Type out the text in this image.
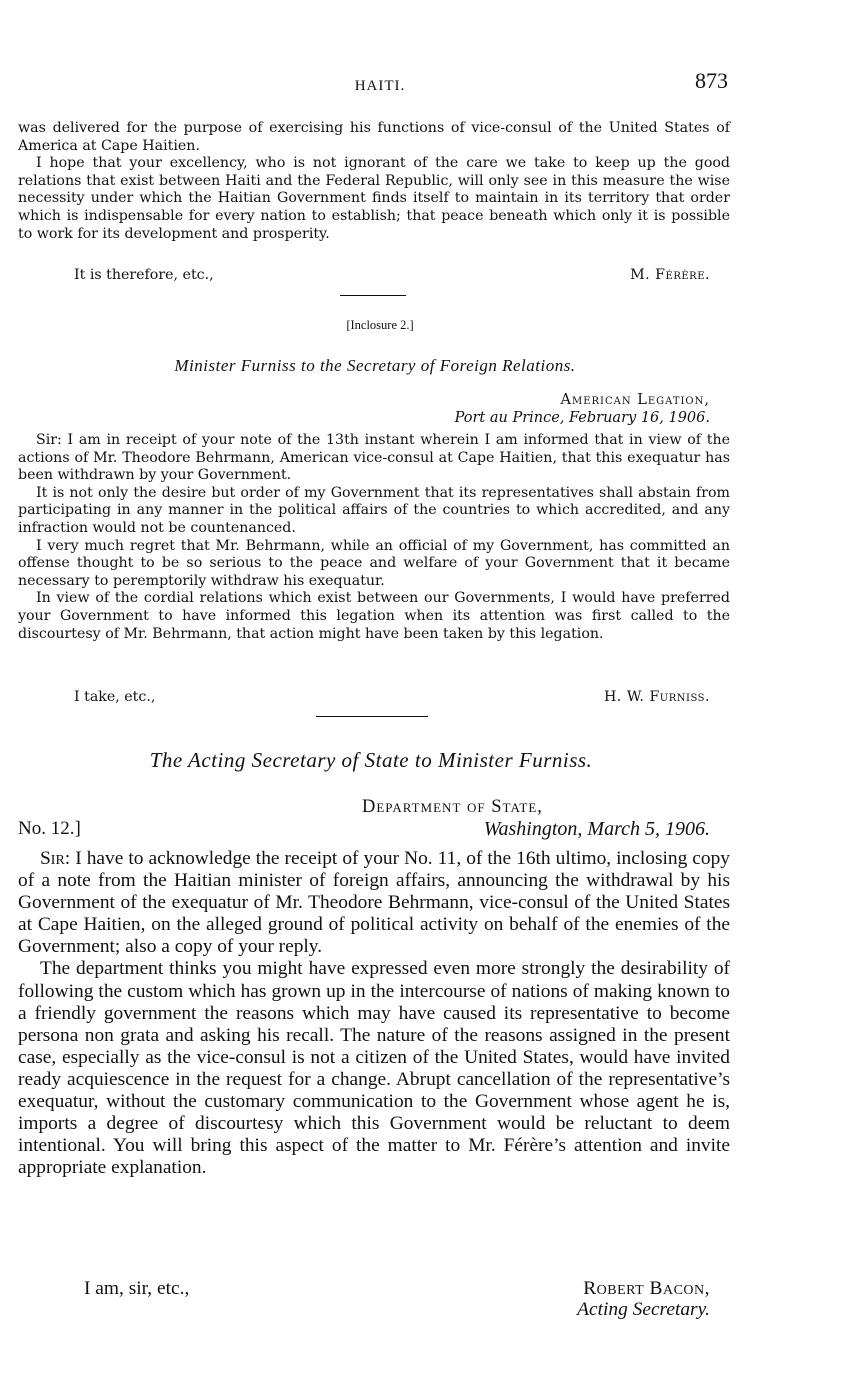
HAITI.	873

was delivered for the purpose of exercising his functions of vice-consul of the United States of America at Cape Haitien.

I hope that your excellency, who is not ignorant of the care we take to keep up the good relations that exist between Haiti and the Federal Republic, will only see in this measure the wise necessity under which the Haitian Government finds itself to maintain in its territory that order which is indispensable for every nation to establish; that peace beneath which only it is possible to work for its development and prosperity.

It is therefore, etc.,	M. Férère.
[Inclosure 2.]
Minister Furniss to the Secretary of Foreign Relations.
American Legation,
Port au Prince, February 16, 1906.

Sir: I am in receipt of your note of the 13th instant wherein I am informed that in view of the actions of Mr. Theodore Behrmann, American vice-consul at Cape Haitien, that this exequatur has been withdrawn by your Government.

It is not only the desire but order of my Government that its representatives shall abstain from participating in any manner in the political affairs of the countries to which accredited, and any infraction would not be countenanced.

I very much regret that Mr. Behrmann, while an official of my Government, has committed an offense thought to be so serious to the peace and welfare of your Government that it became necessary to peremptorily withdraw his exequatur.

In view of the cordial relations which exist between our Governments, I would have preferred your Government to have informed this legation when its attention was first called to the discourtesy of Mr. Behrmann, that action might have been taken by this legation.

I take, etc.,	H. W. Furniss.
The Acting Secretary of State to Minister Furniss.
No. 12.]
Department of State,
Washington, March 5, 1906.

Sir: I have to acknowledge the receipt of your No. 11, of the 16th ultimo, inclosing copy of a note from the Haitian minister of foreign affairs, announcing the withdrawal by his Government of the exequatur of Mr. Theodore Behrmann, vice-consul of the United States at Cape Haitien, on the alleged ground of political activity on behalf of the enemies of the Government; also a copy of your reply.

The department thinks you might have expressed even more strongly the desirability of following the custom which has grown up in the intercourse of nations of making known to a friendly government the reasons which may have caused its representative to become persona non grata and asking his recall. The nature of the reasons assigned in the present case, especially as the vice-consul is not a citizen of the United States, would have invited ready acquiescence in the request for a change. Abrupt cancellation of the representative’s exequatur, without the customary communication to the Government whose agent he is, imports a degree of discourtesy which this Government would be reluctant to deem intentional. You will bring this aspect of the matter to Mr. Férère’s attention and invite appropriate explanation.

I am, sir, etc.,	Robert Bacon,
Acting Secretary.
